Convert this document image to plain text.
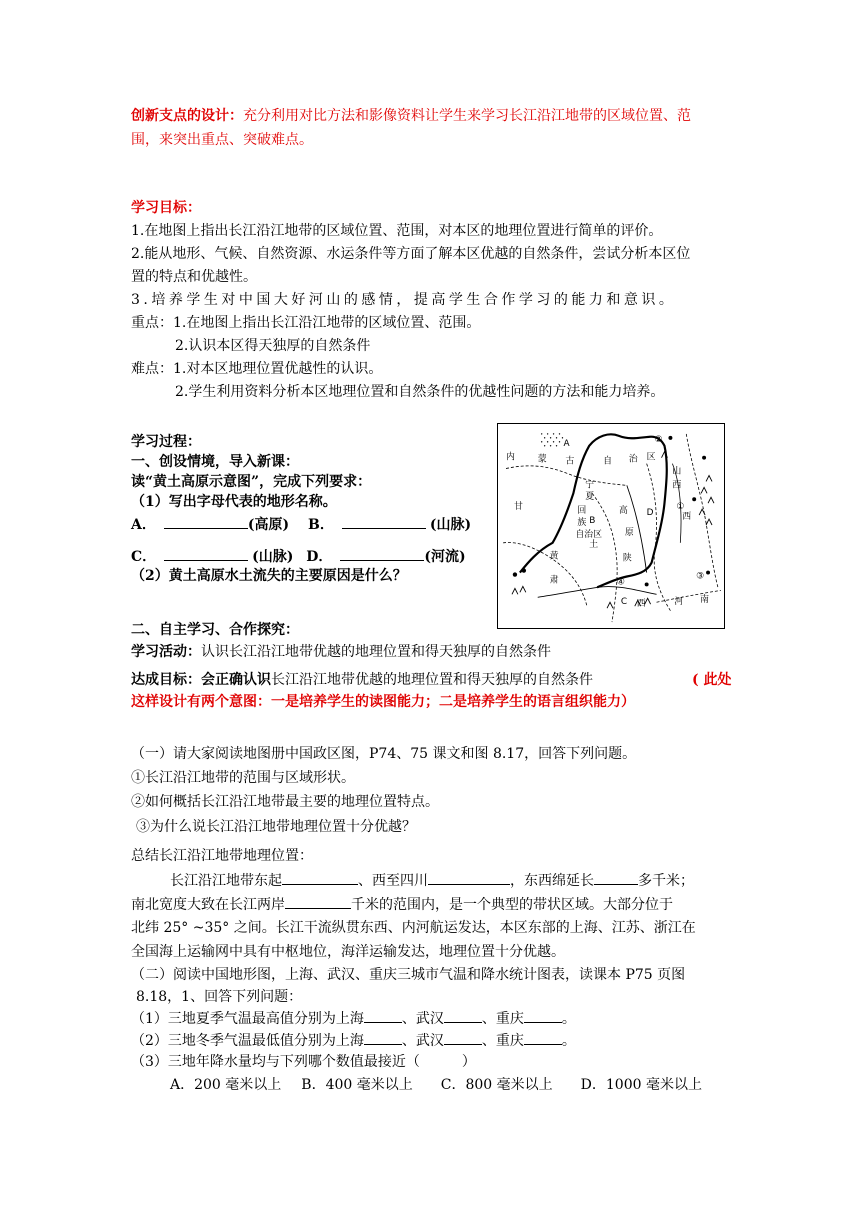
创新支点的设计：充分利用对比方法和影像资料让学生来学习长江沿江地带的区域位置、范
围，来突出重点、突破难点。
学习目标：
1.在地图上指出长江沿江地带的区域位置、范围，对本区的地理位置进行简单的评价。
2.能从地形、气候、自然资源、水运条件等方面了解本区优越的自然条件，尝试分析本区位
置的特点和优越性。
3.培养学生对中国大好河山的感情，提高学生合作学习的能力和意识。
重点：1.在地图上指出长江沿江地带的区域位置、范围。
2.认识本区得天独厚的自然条件
难点：1.对本区地理位置优越性的认识。
2.学生利用资料分析本区地理位置和自然条件的优越性问题的方法和能力培养。
学习过程：
一、创设情境，导入新课：
读“黄土高原示意图”，完成下列要求：
（1）写出字母代表的地形名称。
A．	(高原) B．	(山脉)
C．	(山脉) D．	(河流)
（2）黄土高原水土流失的主要原因是什么？
内	蒙 古	自 治 区
A
山
西
西
甘
宁
夏
回
族
自治区
黄
土
高
原
陕
肃
河 南
西
D
C
B
①
②
③
④
二、自主学习、合作探究：
学习活动：认识长江沿江地带优越的地理位置和得天独厚的自然条件
达成目标：会正确认识长江沿江地带优越的地理位置和得天独厚的自然条件	( 此处
这样设计有两个意图：一是培养学生的读图能力；二是培养学生的语言组织能力）
（一）请大家阅读地图册中国政区图，P74、75 课文和图 8.17，回答下列问题。
①长江沿江地带的范围与区域形状。
②如何概括长江沿江地带最主要的地理位置特点。
③为什么说长江沿江地带地理位置十分优越？
总结长江沿江地带地理位置：
长江沿江地带东起	、西至四川	，东西绵延长	多千米；
南北宽度大致在长江两岸	千米的范围内，是一个典型的带状区域。大部分位于
北纬 25° ~35° 之间。长江干流纵贯东西、内河航运发达，本区东部的上海、江苏、浙江在
全国海上运输网中具有中枢地位，海洋运输发达，地理位置十分优越。
（二）阅读中国地形图，上海、武汉、重庆三城市气温和降水统计图表，读课本 P75 页图
8.18，1、回答下列问题：
（1）三地夏季气温最高值分别为上海	、武汉	、重庆	。
（2）三地冬季气温最低值分别为上海	、武汉	、重庆	。
（3）三地年降水量均与下列哪个数值最接近（	）
A．200 毫米以上 B．400 毫米以上 C．800 毫米以上 D．1000 毫米以上
